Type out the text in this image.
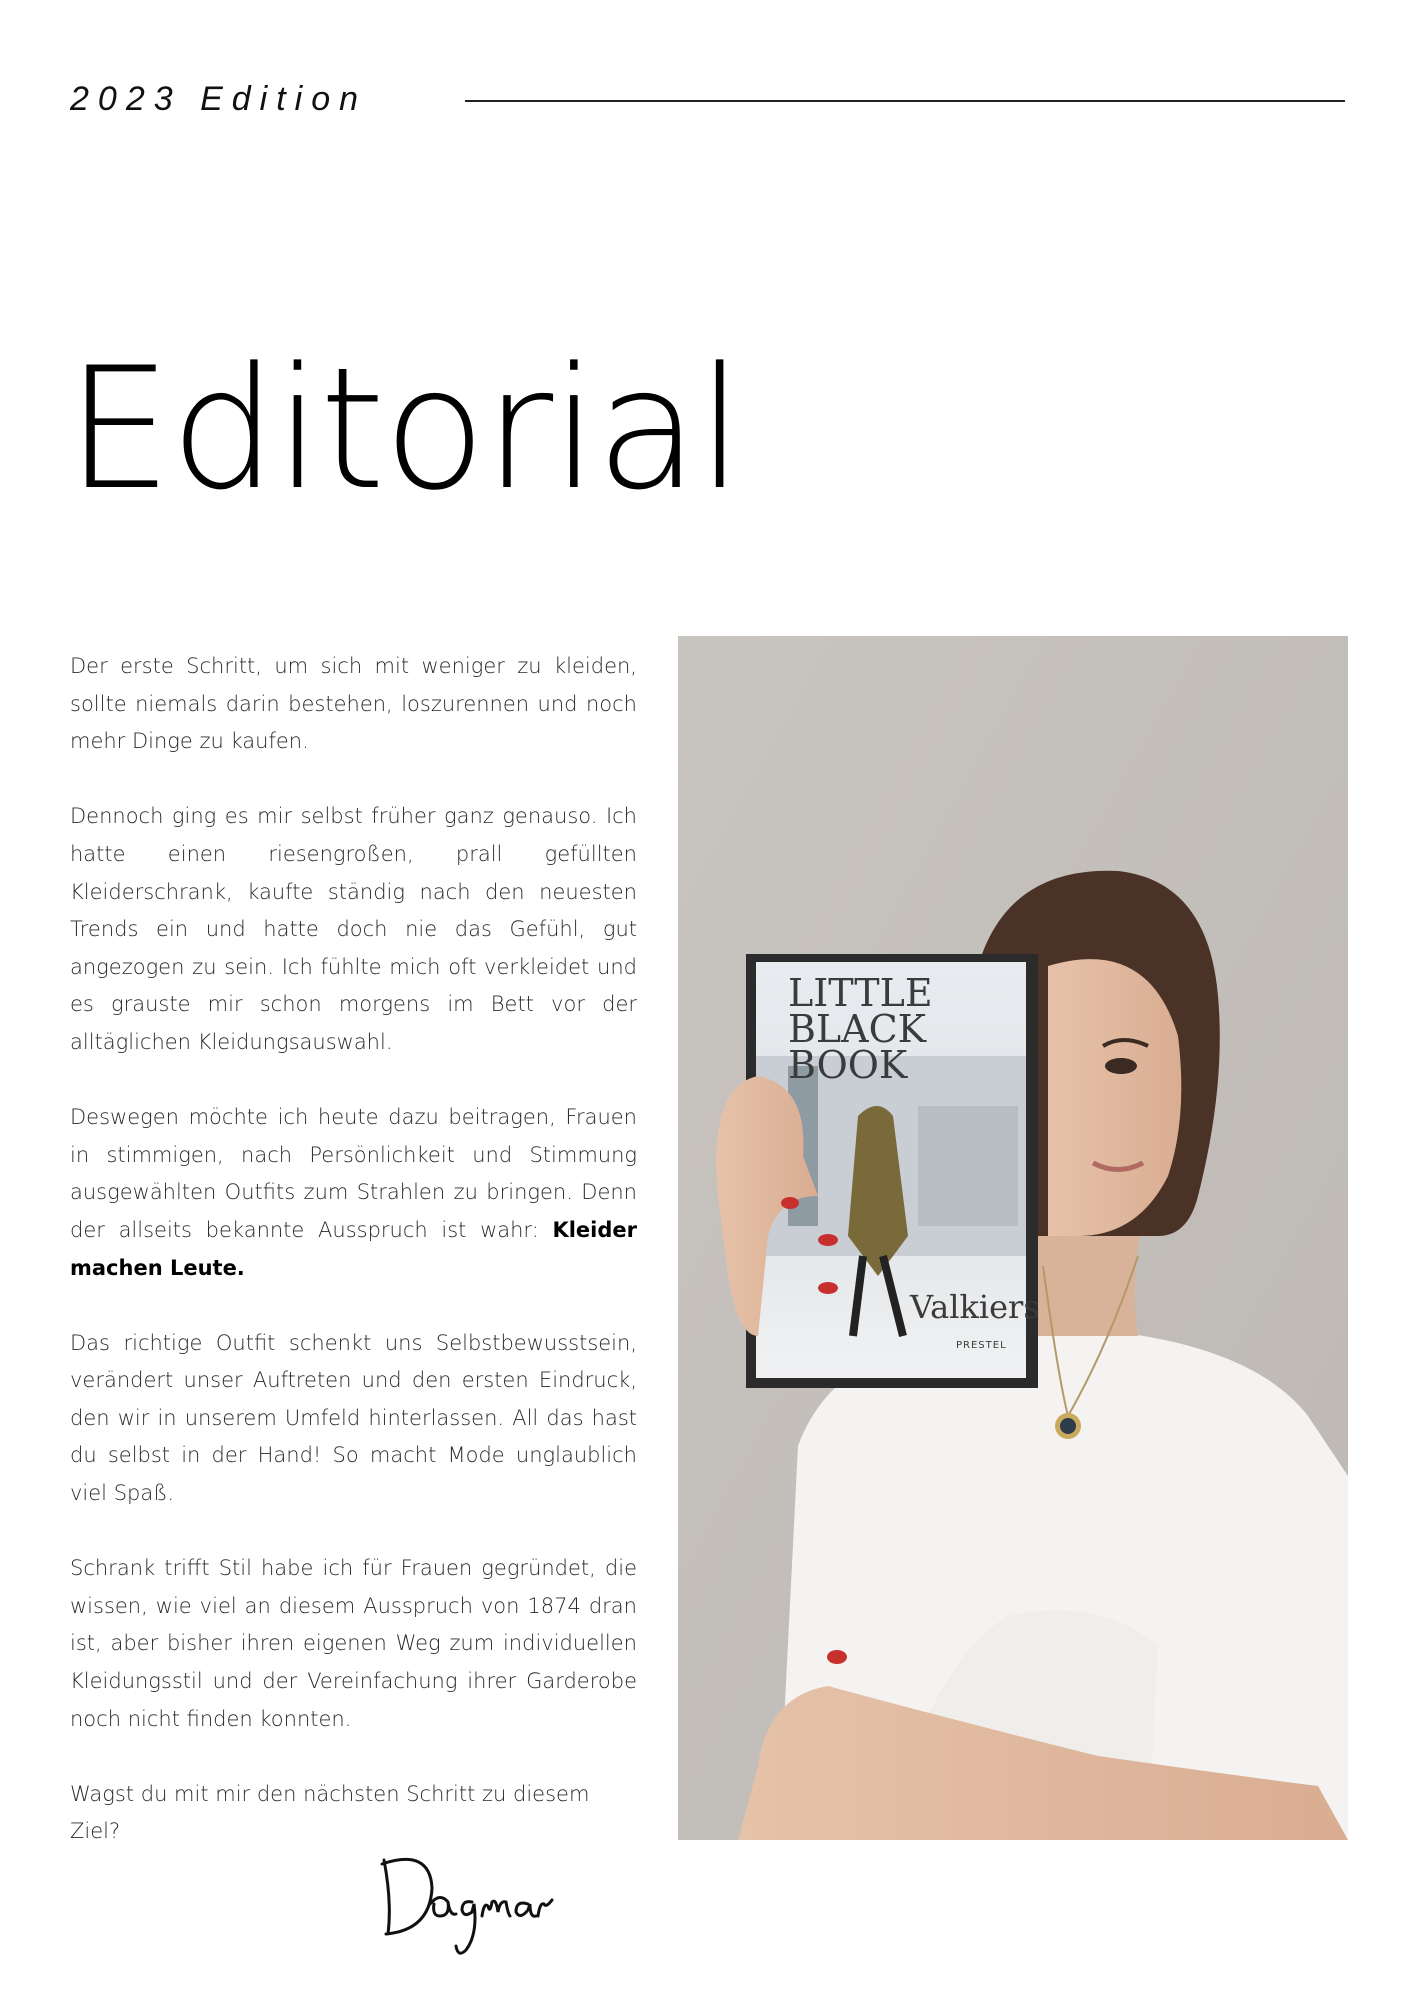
2023 Edition
Editorial

Der erste Schritt, um sich mit weniger zu kleiden, sollte niemals darin bestehen, loszurennen und noch mehr Dinge zu kaufen.

Dennoch ging es mir selbst früher ganz genauso. Ich hatte einen riesengroßen, prall gefüllten Kleiderschrank, kaufte ständig nach den neuesten Trends ein und hatte doch nie das Gefühl, gut angezogen zu sein. Ich fühlte mich oft verkleidet und es grauste mir schon morgens im Bett vor der alltäglichen Kleidungsauswahl.

Deswegen möchte ich heute dazu beitragen, Frauen in stimmigen, nach Persönlichkeit und Stimmung ausgewählten Outfits zum Strahlen zu bringen. Denn der allseits bekannte Ausspruch ist wahr: Kleider machen Leute.

Das richtige Outfit schenkt uns Selbstbewusstsein, verändert unser Auftreten und den ersten Eindruck, den wir in unserem Umfeld hinterlassen. All das hast du selbst in der Hand! So macht Mode unglaublich viel Spaß.

Schrank trifft Stil habe ich für Frauen gegründet, die wissen, wie viel an diesem Ausspruch von 1874 dran ist, aber bisher ihren eigenen Weg zum individuellen Kleidungsstil und der Vereinfachung ihrer Garderobe noch nicht finden konnten.

Wagst du mit mir den nächsten Schritt zu diesem Ziel?

LITTLE
BLACK
BOOK
Valkiers
PRESTEL
